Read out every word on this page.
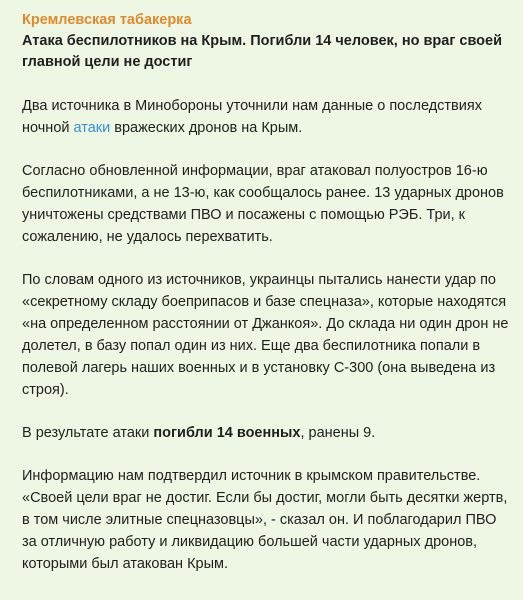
Кремлевская табакерка
Атака беспилотников на Крым. Погибли 14 человек, но враг своей главной цели не достиг

Два источника в Минобороны уточнили нам данные о последствиях ночной атаки вражеских дронов на Крым.

Согласно обновленной информации, враг атаковал полуостров 16-ю беспилотниками, а не 13-ю, как сообщалось ранее. 13 ударных дронов уничтожены средствами ПВО и посажены с помощью РЭБ. Три, к сожалению, не удалось перехватить.

По словам одного из источников, украинцы пытались нанести удар по «секретному складу боеприпасов и базе спецназа», которые находятся «на определенном расстоянии от Джанкоя». До склада ни один дрон не долетел, в базу попал один из них. Еще два беспилотника попали в полевой лагерь наших военных и в установку С-300 (она выведена из строя).

В результате атаки погибли 14 военных, ранены 9.

Информацию нам подтвердил источник в крымском правительстве. «Своей цели враг не достиг. Если бы достиг, могли быть десятки жертв, в том числе элитные спецназовцы», - сказал он. И поблагодарил ПВО за отличную работу и ликвидацию большей части ударных дронов, которыми был атакован Крым.
